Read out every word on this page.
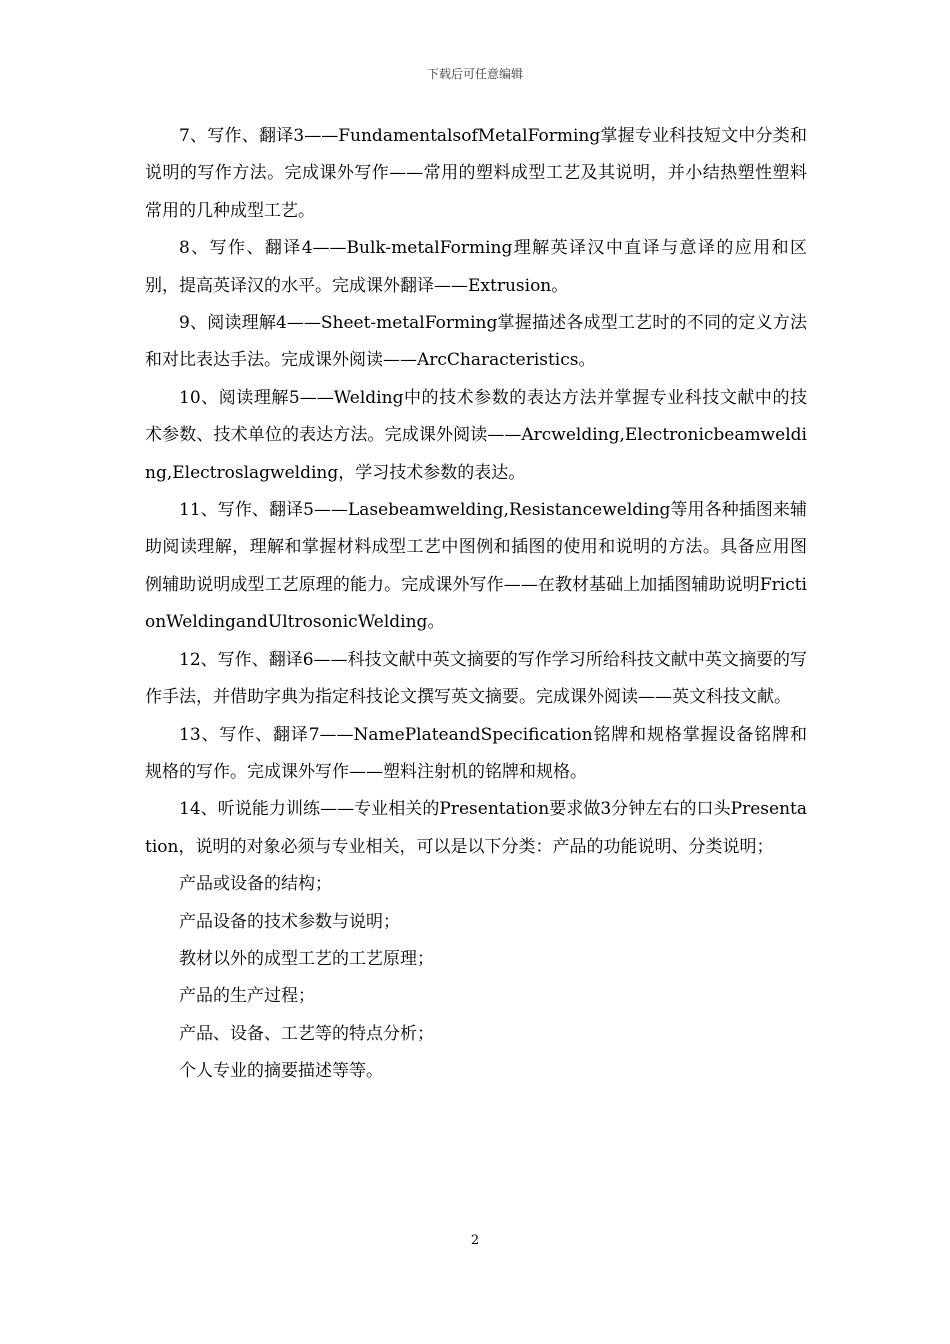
下载后可任意编辑

7、写作、翻译3——FundamentalsofMetalForming掌握专业科技短文中分类和说明的写作方法。完成课外写作——常用的塑料成型工艺及其说明，并小结热塑性塑料常用的几种成型工艺。

8、写作、翻译4——Bulk-metalForming理解英译汉中直译与意译的应用和区别，提高英译汉的水平。完成课外翻译——Extrusion。

9、阅读理解4——Sheet-metalForming掌握描述各成型工艺时的不同的定义方法和对比表达手法。完成课外阅读——ArcCharacteristics。

10、阅读理解5——Welding中的技术参数的表达方法并掌握专业科技文献中的技术参数、技术单位的表达方法。完成课外阅读——Arcwelding,Electronicbeamwelding,Electroslagwelding，学习技术参数的表达。

11、写作、翻译5——Lasebeamwelding,Resistancewelding等用各种插图来辅助阅读理解，理解和掌握材料成型工艺中图例和插图的使用和说明的方法。具备应用图例辅助说明成型工艺原理的能力。完成课外写作——在教材基础上加插图辅助说明FrictionWeldingandUltrosonicWelding。

12、写作、翻译6——科技文献中英文摘要的写作学习所给科技文献中英文摘要的写作手法，并借助字典为指定科技论文撰写英文摘要。完成课外阅读——英文科技文献。

13、写作、翻译7——NamePlateandSpecification铭牌和规格掌握设备铭牌和规格的写作。完成课外写作——塑料注射机的铭牌和规格。

14、听说能力训练——专业相关的Presentation要求做3分钟左右的口头Presentation，说明的对象必须与专业相关，可以是以下分类：产品的功能说明、分类说明；

产品或设备的结构；

产品设备的技术参数与说明；

教材以外的成型工艺的工艺原理；

产品的生产过程；

产品、设备、工艺等的特点分析；

个人专业的摘要描述等等。

2
